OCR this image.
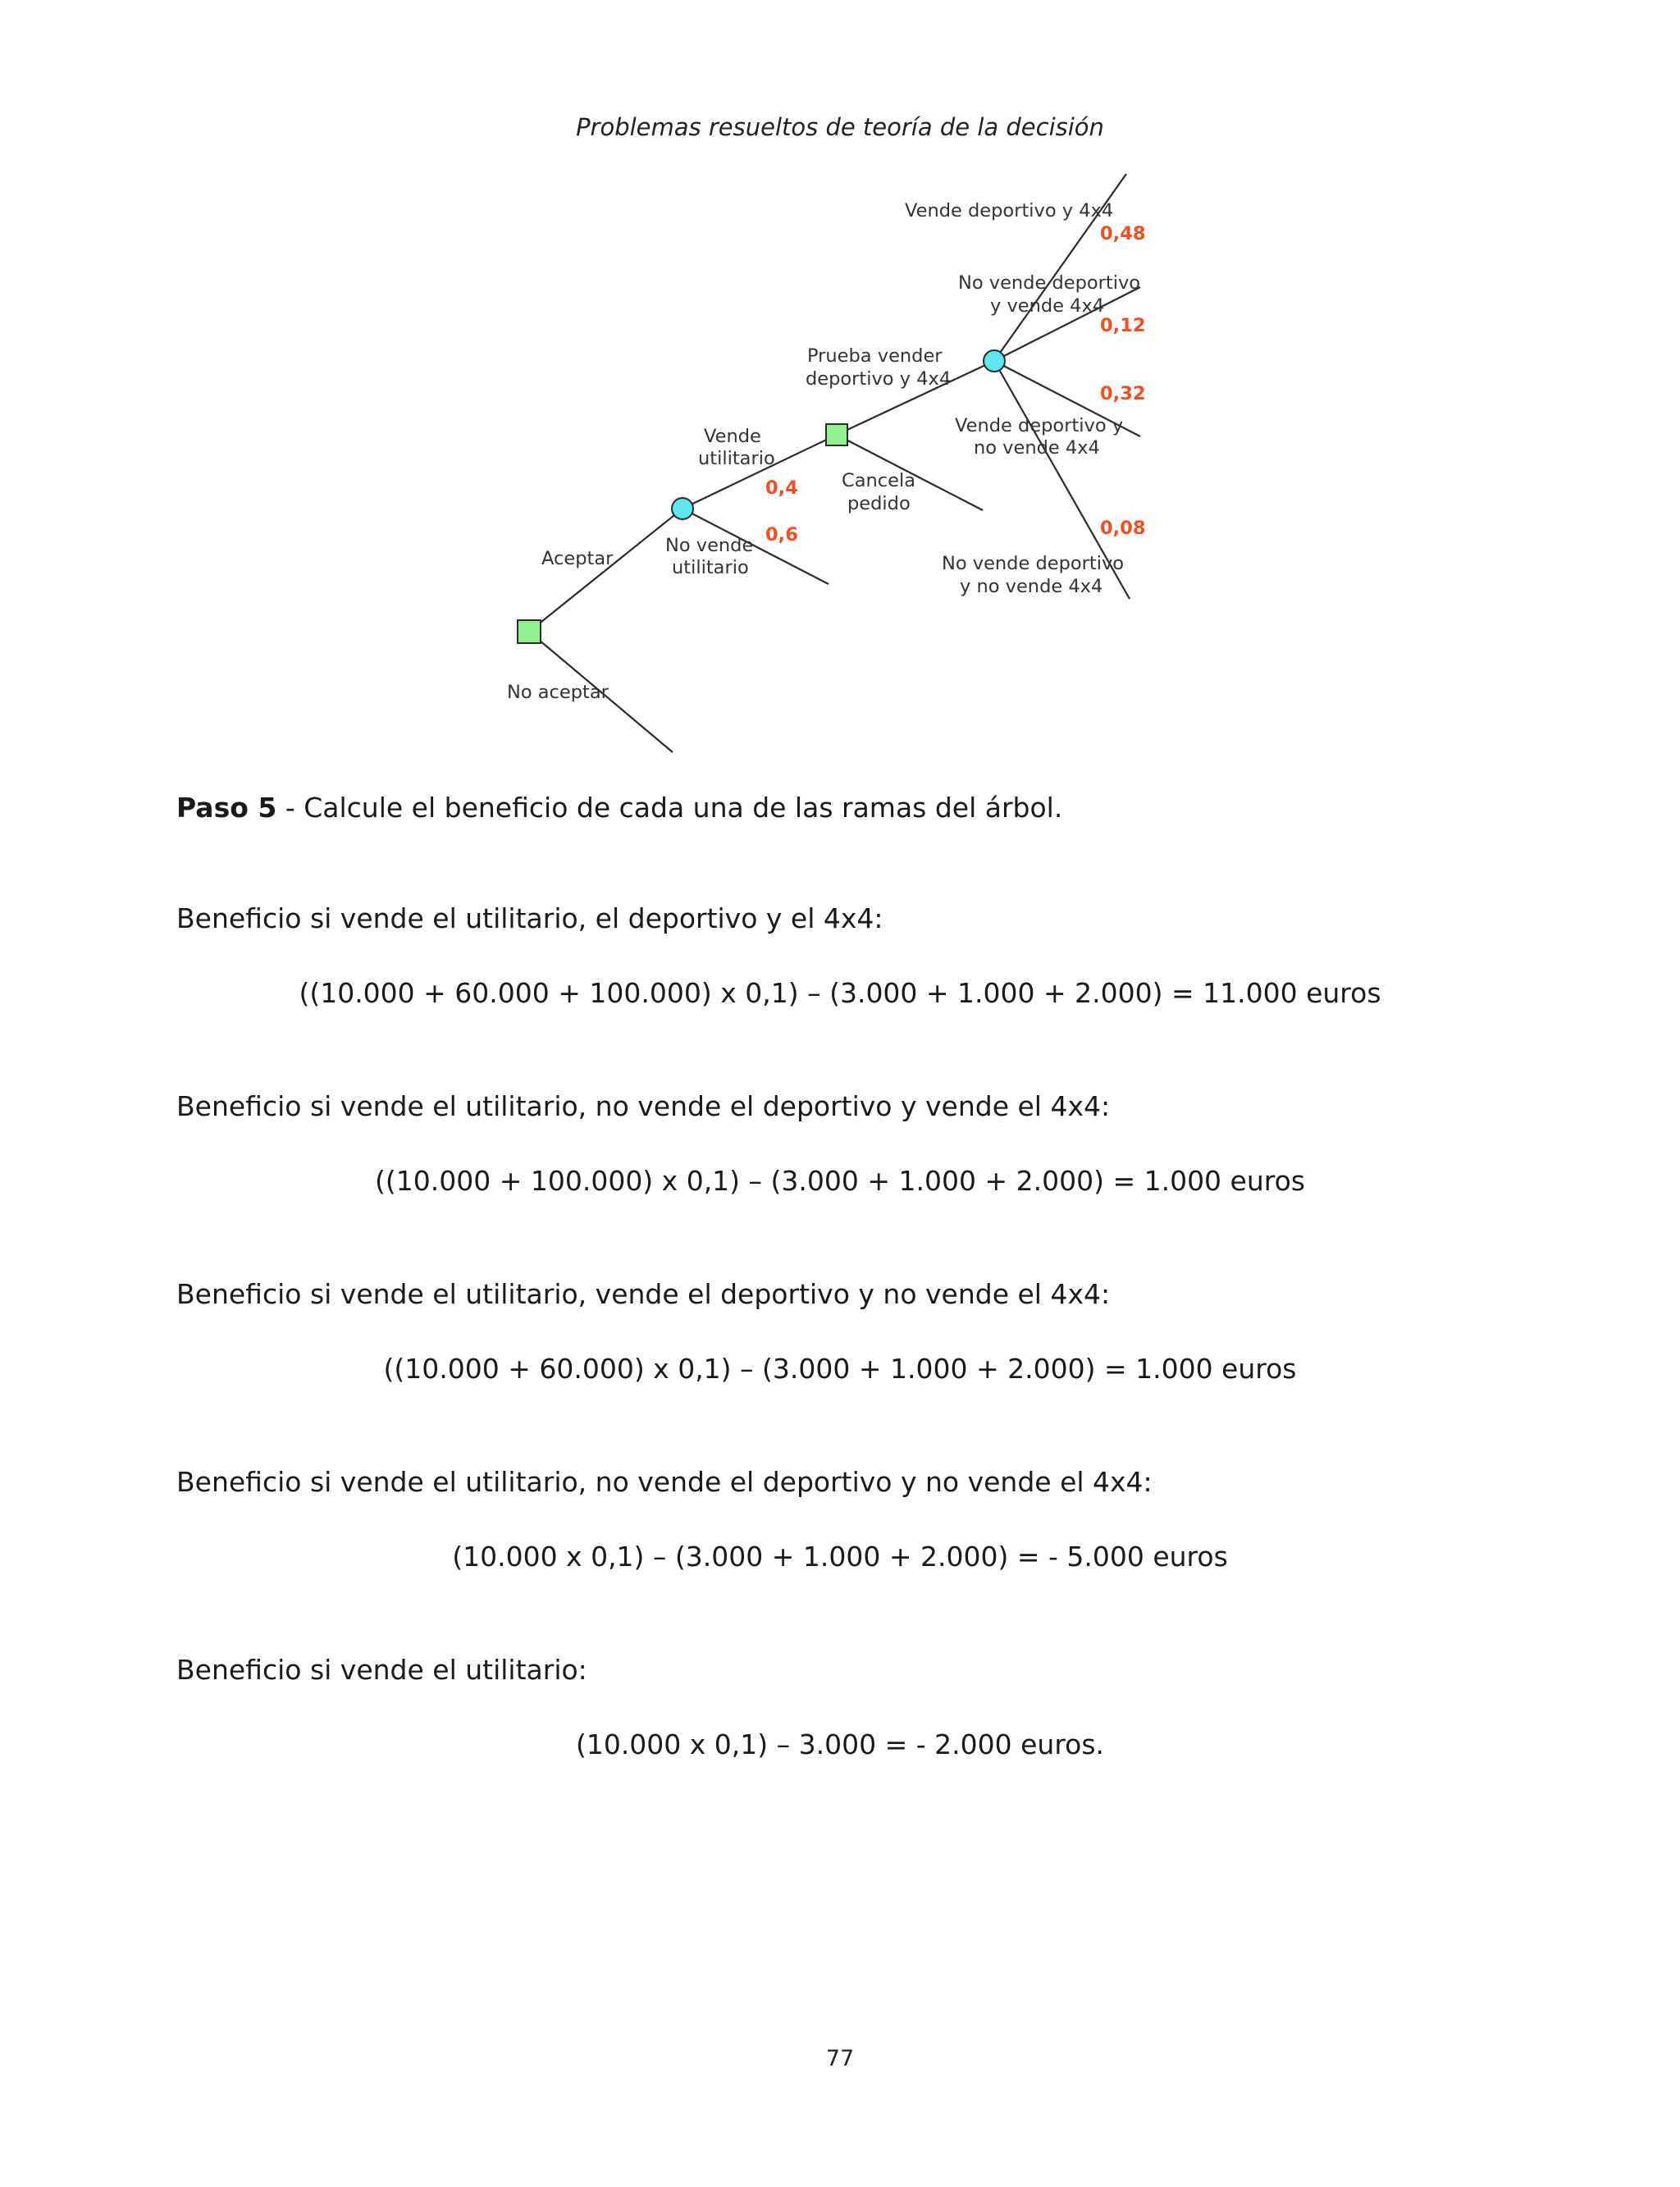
Problemas resueltos de teoría de la decisión
Aceptar
No aceptar
Vende
utilitario
No vende
utilitario
0,4
0,6
Prueba vender
deportivo y 4x4
Cancela
pedido
Vende deportivo y 4x4
0,48
No vende deportivo
y vende 4x4
0,12
0,32
Vende deportivo y
no vende 4x4
0,08
No vende deportivo
y no vende 4x4
Paso 5 - Calcule el beneficio de cada una de las ramas del árbol.
Beneficio si vende el utilitario, el deportivo y el 4x4:
((10.000 + 60.000 + 100.000) x 0,1) – (3.000 + 1.000 + 2.000) = 11.000 euros
Beneficio si vende el utilitario, no vende el deportivo y vende el 4x4:
((10.000 + 100.000) x 0,1) – (3.000 + 1.000 + 2.000) = 1.000 euros
Beneficio si vende el utilitario, vende el deportivo y no vende el 4x4:
((10.000 + 60.000) x 0,1) – (3.000 + 1.000 + 2.000) = 1.000 euros
Beneficio si vende el utilitario, no vende el deportivo y no vende el 4x4:
(10.000 x 0,1) – (3.000 + 1.000 + 2.000) = - 5.000 euros
Beneficio si vende el utilitario:
(10.000 x 0,1) – 3.000 = - 2.000 euros.
77
